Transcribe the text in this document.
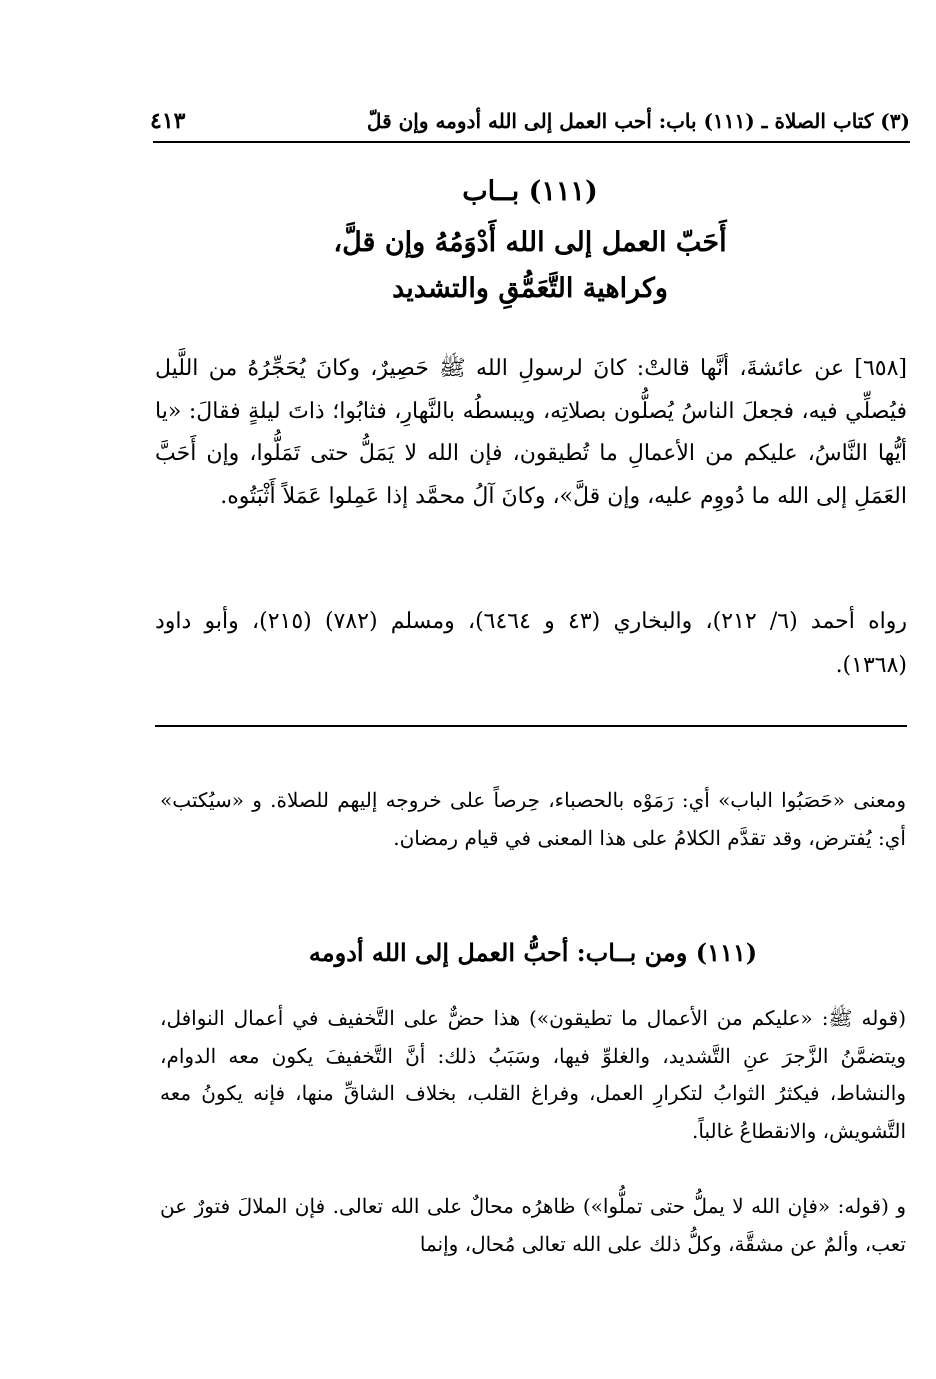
(٣) كتاب الصلاة ـ (١١١) باب: أحب العمل إلى الله أدومه وإن قلّ
٤١٣
(١١١) بــاب
أَحَبّ العمل إلى الله أَدْوَمُهُ وإن قلَّ،
وكراهية التَّعَمُّقِ والتشديد
[٦٥٨] عن عائشةَ، أنَّها قالتْ: كانَ لرسولِ الله ﷺ حَصِيرٌ، وكانَ يُحَجِّرُهُ من اللَّيل فيُصلِّي فيه، فجعلَ الناسُ يُصلُّون بصلاتِه، ويبسطُه بالنَّهارِ، فثابُوا؛ ذاتَ ليلةٍ فقالَ: «يا أيُّها النَّاسُ، عليكم من الأعمالِ ما تُطيقون، فإن الله لا يَمَلُّ حتى تَمَلُّوا، وإن أَحَبَّ العَمَلِ إلى الله ما دُووِم عليه، وإن قلَّ»، وكانَ آلُ محمَّد إذا عَمِلوا عَمَلاً أَثْبَتُوه.
رواه أحمد (٦/ ٢١٢)، والبخاري (٤٣ و ٦٤٦٤)، ومسلم (٧٨٢) (٢١٥)، وأبو داود (١٣٦٨).
ومعنى «حَصَبُوا الباب» أي: رَمَوْه بالحصباء، حِرصاً على خروجه إليهم للصلاة. و «سيُكتب» أي: يُفترض، وقد تقدَّم الكلامُ على هذا المعنى في قيام رمضان.
(١١١) ومن بــاب: أحبُّ العمل إلى الله أدومه
(قوله ﷺ: «عليكم من الأعمال ما تطيقون») هذا حضٌّ على التَّخفيف في أعمال النوافل، ويتضمَّنُ الزَّجرَ عنِ التَّشديد، والغلوِّ فيها، وسَبَبُ ذلك: أنَّ التَّخفيفَ يكون معه الدوام، والنشاط، فيكثرُ الثوابُ لتكرارِ العمل، وفراغ القلب، بخلاف الشاقِّ منها، فإنه يكونُ معه التَّشويش، والانقطاعُ غالباً.
و (قوله: «فإن الله لا يملُّ حتى تملُّوا») ظاهرُه محالٌ على الله تعالى. فإن الملالَ فتورٌ عن تعب، وألمٌ عن مشقَّة، وكلُّ ذلك على الله تعالى مُحال، وإنما
